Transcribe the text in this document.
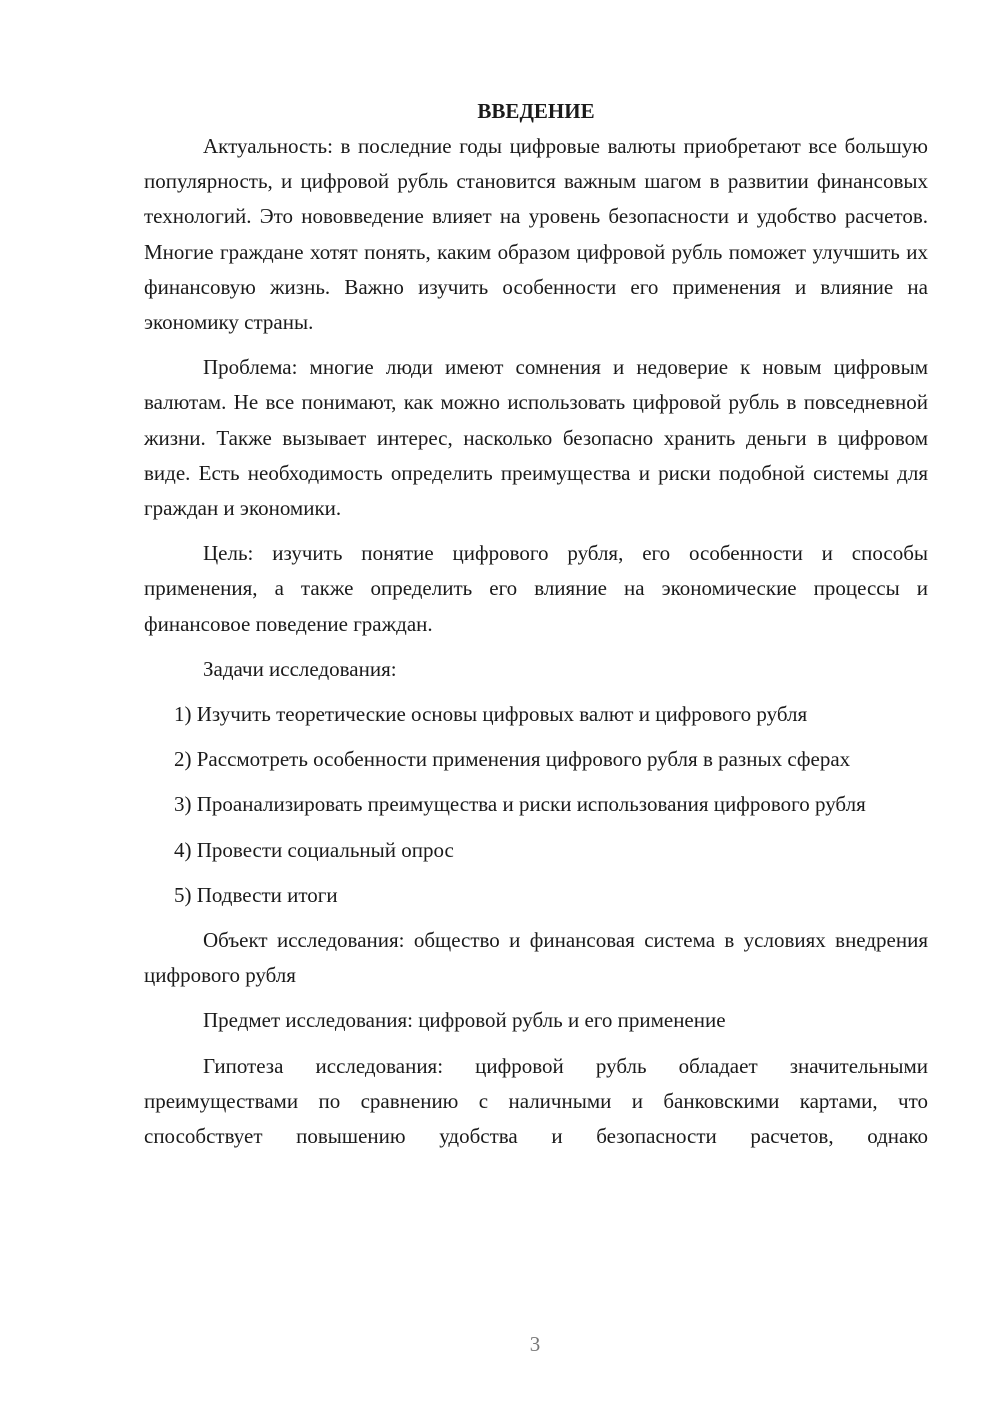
ВВЕДЕНИЕ

Актуальность: в последние годы цифровые валюты приобретают все большую популярность, и цифровой рубль становится важным шагом в развитии финансовых технологий. Это нововведение влияет на уровень безопасности и удобство расчетов. Многие граждане хотят понять, каким образом цифровой рубль поможет улучшить их финансовую жизнь. Важно изучить особенности его применения и влияние на экономику страны.

Проблема: многие люди имеют сомнения и недоверие к новым цифровым валютам. Не все понимают, как можно использовать цифровой рубль в повседневной жизни. Также вызывает интерес, насколько безопасно хранить деньги в цифровом виде. Есть необходимость определить преимущества и риски подобной системы для граждан и экономики.

Цель: изучить понятие цифрового рубля, его особенности и способы применения, а также определить его влияние на экономические процессы и финансовое поведение граждан.

Задачи исследования:

1) Изучить теоретические основы цифровых валют и цифрового рубля

2) Рассмотреть особенности применения цифрового рубля в разных сферах

3) Проанализировать преимущества и риски использования цифрового рубля

4) Провести социальный опрос

5) Подвести итоги

Объект исследования: общество и финансовая система в условиях внедрения цифрового рубля

Предмет исследования: цифровой рубль и его применение

Гипотеза исследования: цифровой рубль обладает значительными преимуществами по сравнению с наличными и банковскими картами, что способствует повышению удобства и безопасности расчетов, однако

3
